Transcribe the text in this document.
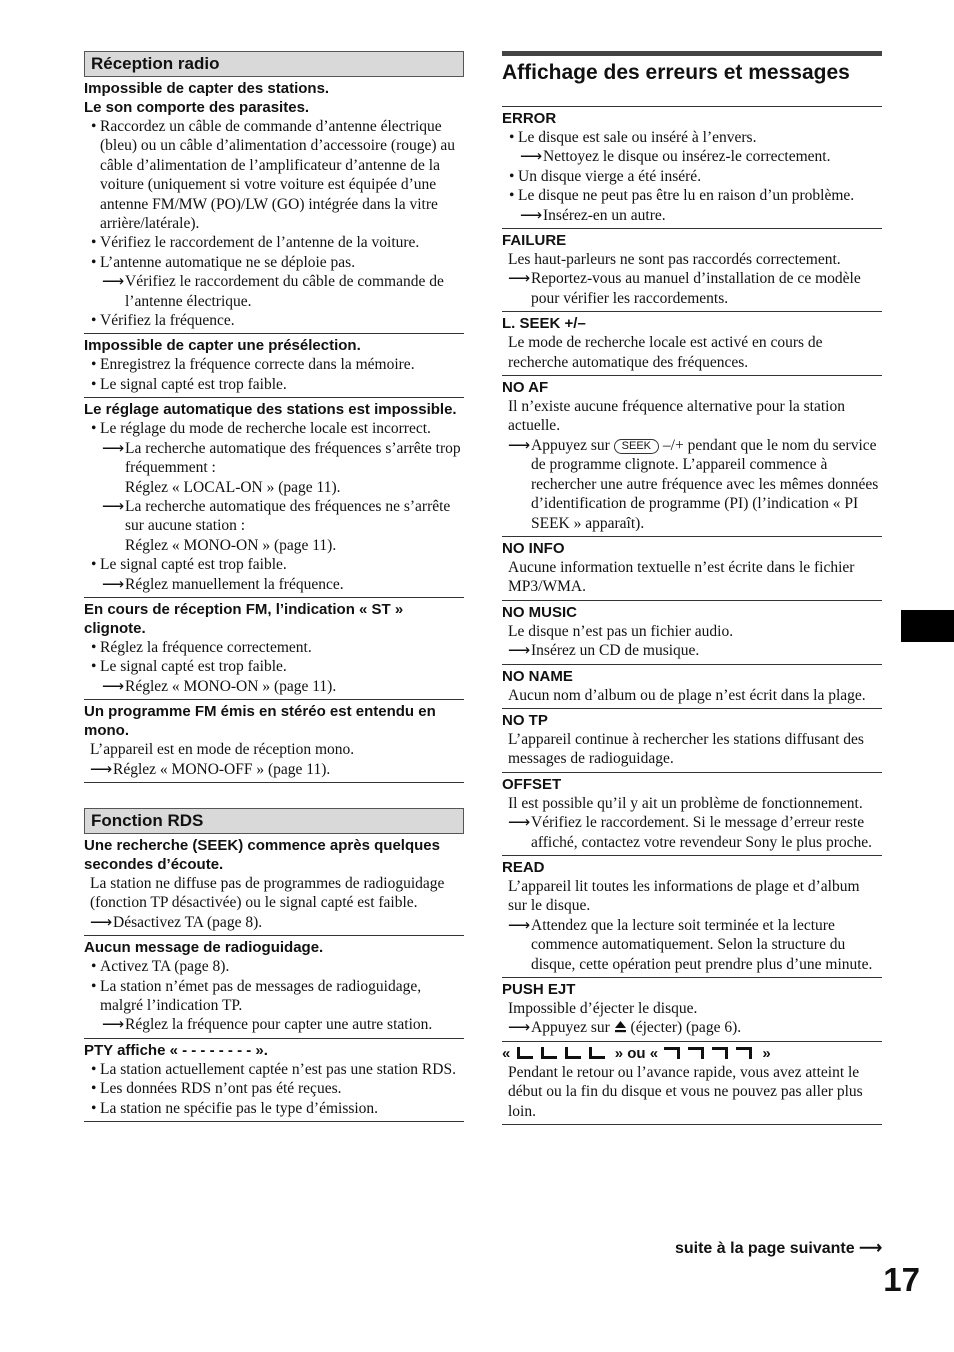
Réception radio
Impossible de capter des stations.
Le son comporte des parasites.
• Raccordez un câble de commande d’antenne électrique (bleu) ou un câble d’alimentation d’accessoire (rouge) au câble d’alimentation de l’amplificateur d’antenne de la voiture (uniquement si votre voiture est équipée d’une antenne FM/MW (PO)/LW (GO) intégrée dans la vitre arrière/latérale).
• Vérifiez le raccordement de l’antenne de la voiture.
• L’antenne automatique ne se déploie pas.
⟶Vérifiez le raccordement du câble de commande de l’antenne électrique.
• Vérifiez la fréquence.
Impossible de capter une présélection.
• Enregistrez la fréquence correcte dans la mémoire.
• Le signal capté est trop faible.
Le réglage automatique des stations est impossible.
• Le réglage du mode de recherche locale est incorrect.
⟶La recherche automatique des fréquences s’arrête trop fréquemment :
Réglez « LOCAL-ON » (page 11).
⟶La recherche automatique des fréquences ne s’arrête sur aucune station :
Réglez « MONO-ON » (page 11).
• Le signal capté est trop faible.
⟶Réglez manuellement la fréquence.
En cours de réception FM, l’indication « ST » clignote.
• Réglez la fréquence correctement.
• Le signal capté est trop faible.
⟶Réglez « MONO-ON » (page 11).
Un programme FM émis en stéréo est entendu en mono.
L’appareil est en mode de réception mono.
⟶Réglez « MONO-OFF » (page 11).
Fonction RDS
Une recherche (SEEK) commence après quelques secondes d’écoute.
La station ne diffuse pas de programmes de radioguidage (fonction TP désactivée) ou le signal capté est faible.
⟶Désactivez TA (page 8).
Aucun message de radioguidage.
• Activez TA (page 8).
• La station n’émet pas de messages de radioguidage, malgré l’indication TP.
⟶Réglez la fréquence pour capter une autre station.
PTY affiche « - - - - - - - - ».
• La station actuellement captée n’est pas une station RDS.
• Les données RDS n’ont pas été reçues.
• La station ne spécifie pas le type d’émission.
Affichage des erreurs et messages
ERROR
• Le disque est sale ou inséré à l’envers.
⟶Nettoyez le disque ou insérez-le correctement.
• Un disque vierge a été inséré.
• Le disque ne peut pas être lu en raison d’un problème.
⟶Insérez-en un autre.
FAILURE
Les haut-parleurs ne sont pas raccordés correctement.
⟶Reportez-vous au manuel d’installation de ce modèle pour vérifier les raccordements.
L. SEEK +/–
Le mode de recherche locale est activé en cours de recherche automatique des fréquences.
NO AF
Il n’existe aucune fréquence alternative pour la station actuelle.
⟶Appuyez sur SEEK –/+ pendant que le nom du service de programme clignote. L’appareil commence à rechercher une autre fréquence avec les mêmes données d’identification de programme (PI) (l’indication « PI SEEK » apparaît).
NO INFO
Aucune information textuelle n’est écrite dans le fichier MP3/WMA.
NO MUSIC
Le disque n’est pas un fichier audio.
⟶Insérez un CD de musique.
NO NAME
Aucun nom d’album ou de plage n’est écrit dans la plage.
NO TP
L’appareil continue à rechercher les stations diffusant des messages de radioguidage.
OFFSET
Il est possible qu’il y ait un problème de fonctionnement.
⟶Vérifiez le raccordement. Si le message d’erreur reste affiché, contactez votre revendeur Sony le plus proche.
READ
L’appareil lit toutes les informations de plage et d’album sur le disque.
⟶Attendez que la lecture soit terminée et la lecture commence automatiquement. Selon la structure du disque, cette opération peut prendre plus d’une minute.
PUSH EJT
Impossible d’éjecter le disque.
⟶Appuyez sur (éjecter) (page 6).
«	» ou «	»
Pendant le retour ou l’avance rapide, vous avez atteint le début ou la fin du disque et vous ne pouvez pas aller plus loin.
suite à la page suivante ⟶
17
